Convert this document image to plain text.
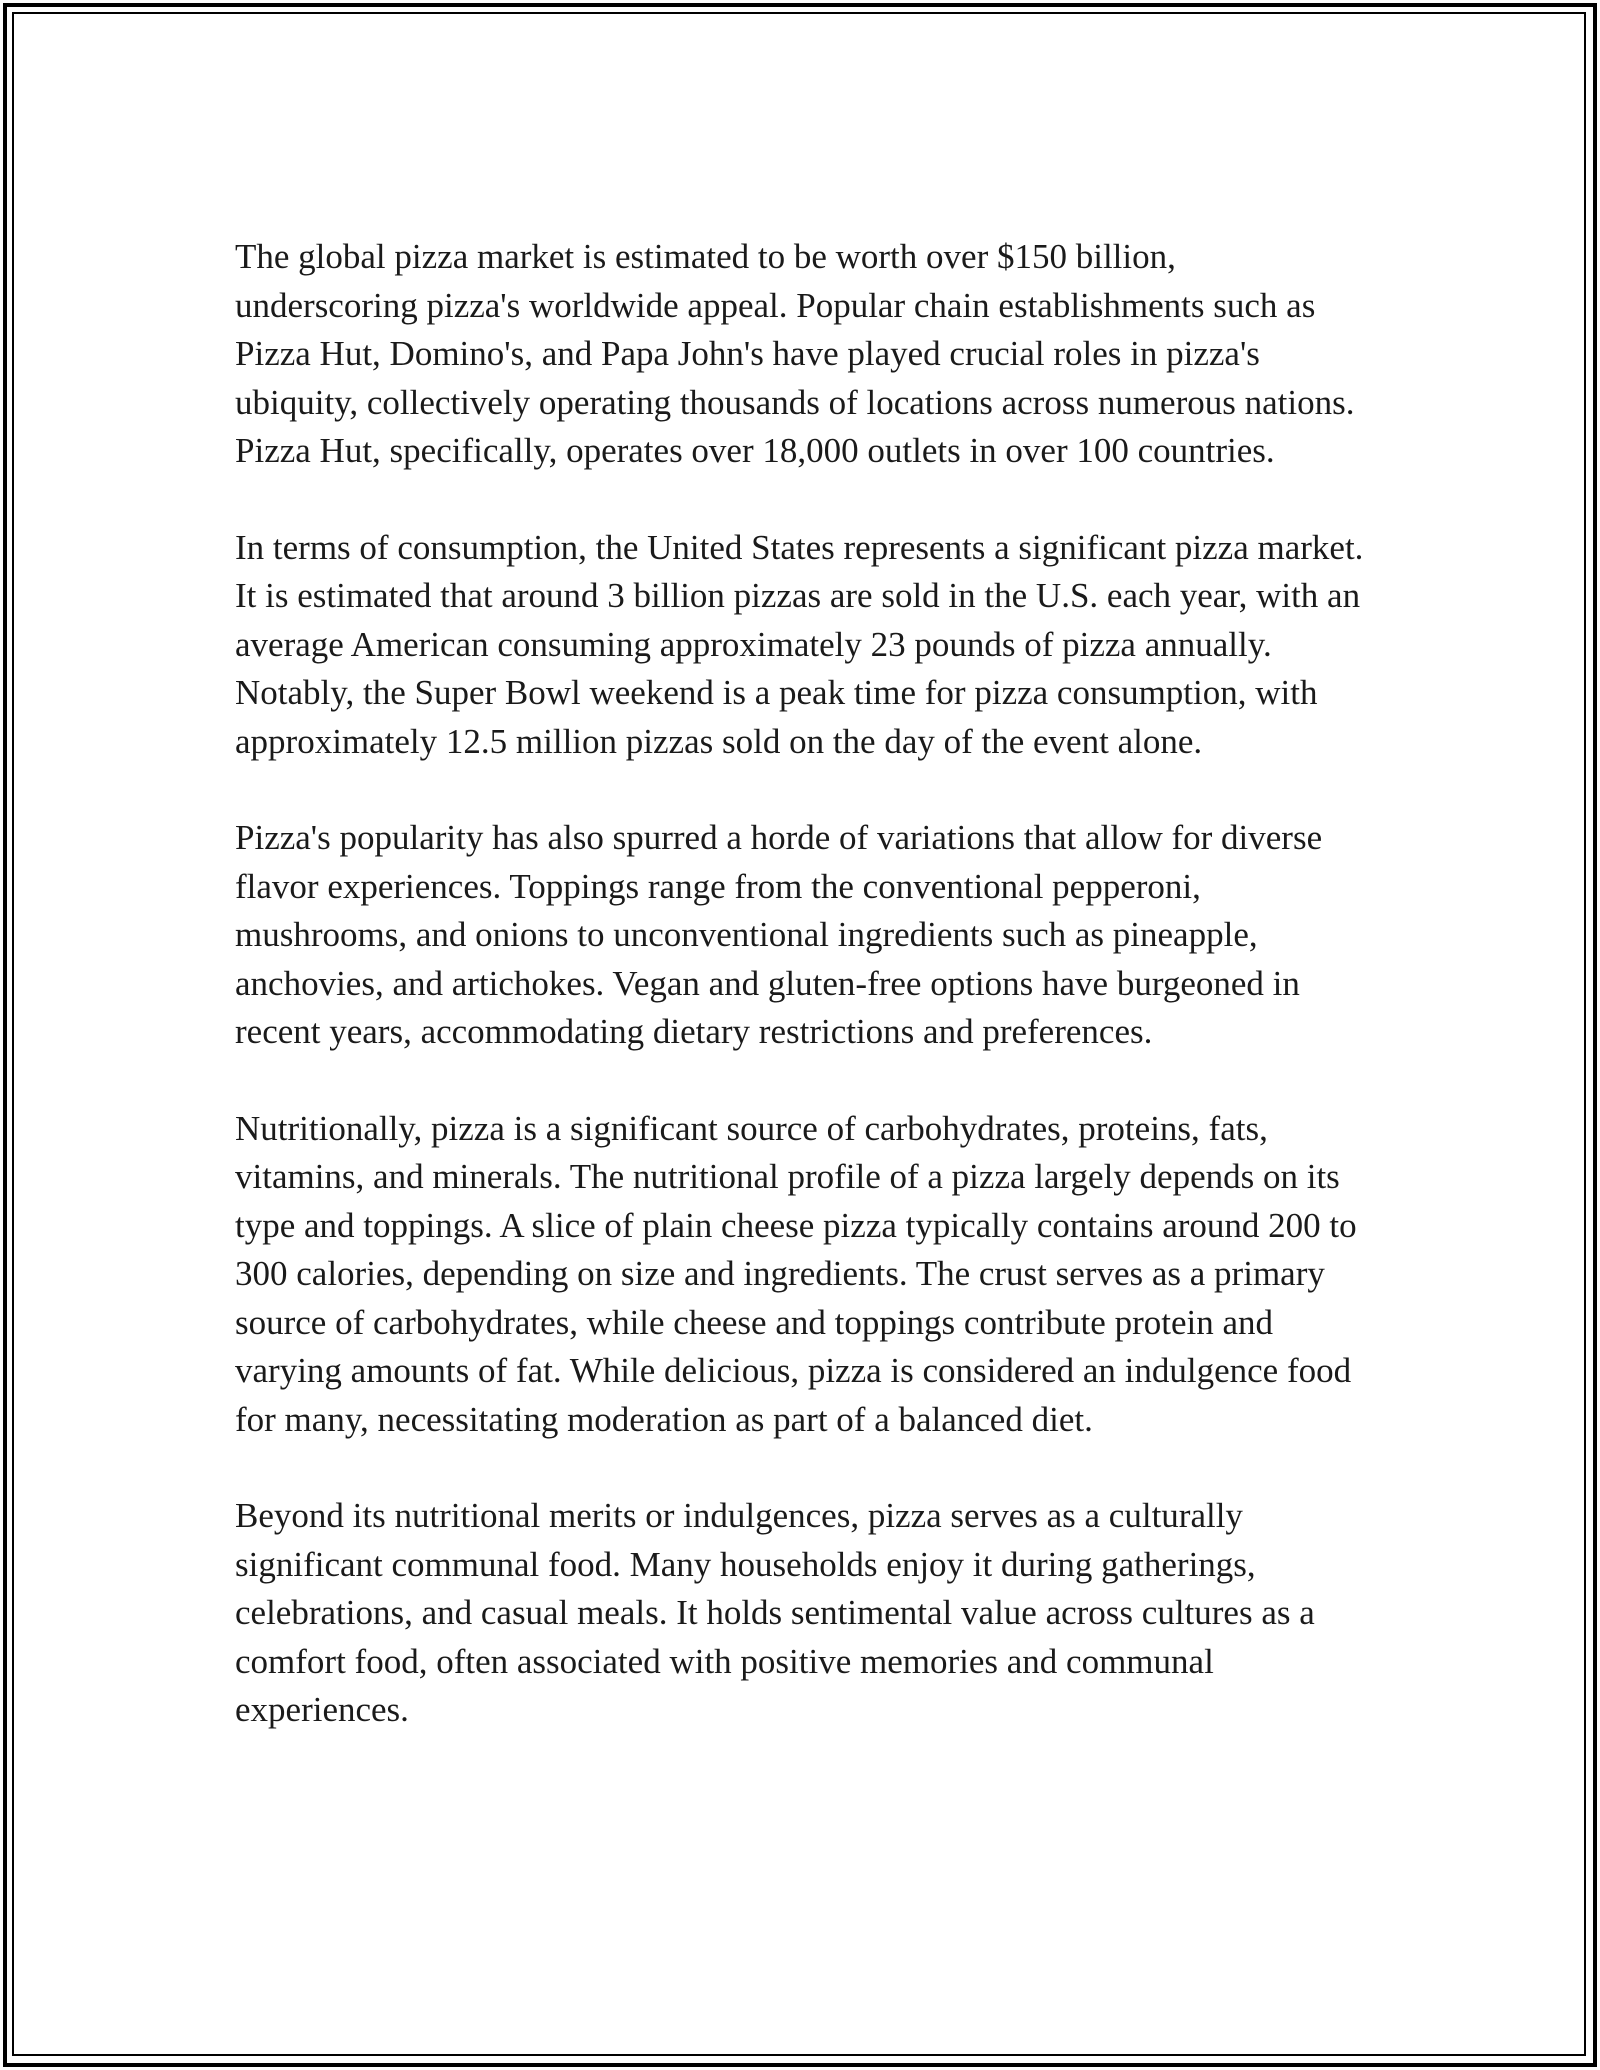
The global pizza market is estimated to be worth over $150 billion, underscoring pizza's worldwide appeal. Popular chain establishments such as Pizza Hut, Domino's, and Papa John's have played crucial roles in pizza's ubiquity, collectively operating thousands of locations across numerous nations. Pizza Hut, specifically, operates over 18,000 outlets in over 100 countries.

In terms of consumption, the United States represents a significant pizza market. It is estimated that around 3 billion pizzas are sold in the U.S. each year, with an average American consuming approximately 23 pounds of pizza annually. Notably, the Super Bowl weekend is a peak time for pizza consumption, with approximately 12.5 million pizzas sold on the day of the event alone.

Pizza's popularity has also spurred a horde of variations that allow for diverse flavor experiences. Toppings range from the conventional pepperoni, mushrooms, and onions to unconventional ingredients such as pineapple, anchovies, and artichokes. Vegan and gluten-free options have burgeoned in recent years, accommodating dietary restrictions and preferences.

Nutritionally, pizza is a significant source of carbohydrates, proteins, fats, vitamins, and minerals. The nutritional profile of a pizza largely depends on its type and toppings. A slice of plain cheese pizza typically contains around 200 to 300 calories, depending on size and ingredients. The crust serves as a primary source of carbohydrates, while cheese and toppings contribute protein and varying amounts of fat. While delicious, pizza is considered an indulgence food for many, necessitating moderation as part of a balanced diet.

Beyond its nutritional merits or indulgences, pizza serves as a culturally significant communal food. Many households enjoy it during gatherings, celebrations, and casual meals. It holds sentimental value across cultures as a comfort food, often associated with positive memories and communal experiences.
